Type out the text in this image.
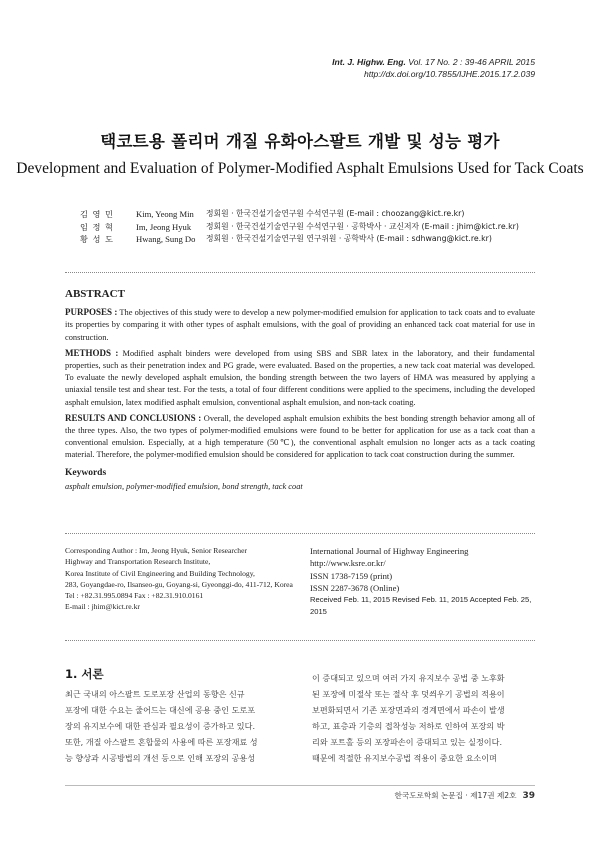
Int. J. Highw. Eng. Vol. 17 No. 2 : 39-46 APRIL 2015
http://dx.doi.org/10.7855/IJHE.2015.17.2.039
택코트용 폴리머 개질 유화아스팔트 개발 및 성능 평가
Development and Evaluation of Polymer-Modified Asphalt Emulsions Used for Tack Coats
김 영 민	Kim, Yeong Min	정회원 · 한국건설기술연구원 수석연구원 (E-mail : choozang@kict.re.kr)
임 정 혁	Im, Jeong Hyuk	정회원 · 한국건설기술연구원 수석연구원 · 공학박사 · 교신저자 (E-mail : jhim@kict.re.kr)
황 성 도	Hwang, Sung Do	정회원 · 한국건설기술연구원 연구위원 · 공학박사 (E-mail : sdhwang@kict.re.kr)
ABSTRACT

PURPOSES : The objectives of this study were to develop a new polymer-modified emulsion for application to tack coats and to evaluate its properties by comparing it with other types of asphalt emulsions, with the goal of providing an enhanced tack coat material for use in construction.

METHODS : Modified asphalt binders were developed from using SBS and SBR latex in the laboratory, and their fundamental properties, such as their penetration index and PG grade, were evaluated. Based on the properties, a new tack coat material was developed. To evaluate the newly developed asphalt emulsion, the bonding strength between the two layers of HMA was measured by applying a uniaxial tensile test and shear test. For the tests, a total of four different conditions were applied to the specimens, including the developed asphalt emulsion, latex modified asphalt emulsion, conventional asphalt emulsion, and non-tack coating.

RESULTS AND CONCLUSIONS : Overall, the developed asphalt emulsion exhibits the best bonding strength behavior among all of the three types. Also, the two types of polymer-modified emulsions were found to be better for application for use as a tack coat than a conventional emulsion. Especially, at a high temperature (50℃), the conventional asphalt emulsion no longer acts as a tack coating material. Therefore, the polymer-modified emulsion should be considered for application to tack coat construction during the summer.

Keywords
asphalt emulsion, polymer-modified emulsion, bond strength, tack coat
Corresponding Author : Im, Jeong Hyuk, Senior Researcher
Highway and Transportation Research Institute,
Korea Institute of Civil Engineering and Building Technology,
283, Goyangdae-ro, Ilsanseo-gu, Goyang-si, Gyeonggi-do, 411-712, Korea
Tel : +82.31.995.0894 Fax : +82.31.910.0161
E-mail : jhim@kict.re.kr
International Journal of Highway Engineering
http://www.ksre.or.kr/
ISSN 1738-7159 (print)
ISSN 2287-3678 (Online)
Received Feb. 11, 2015 Revised Feb. 11, 2015 Accepted Feb. 25, 2015
1. 서론
최근 국내의 아스팔트 도로포장 산업의 동향은 신규
포장에 대한 수요는 줄어드는 대신에 공용 중인 도로포
장의 유지보수에 대한 관심과 필요성이 증가하고 있다.
또한, 개질 아스팔트 혼합물의 사용에 따른 포장재료 성
능 향상과 시공방법의 개선 등으로 인해 포장의 공용성
이 증대되고 있으며 여러 가지 유지보수 공법 중 노후화
된 포장에 미절삭 또는 절삭 후 덧씌우기 공법의 적용이
보편화되면서 기존 포장면과의 경계면에서 파손이 발생
하고, 표층과 기층의 접착성능 저하로 인하여 포장의 박
리와 포트홀 등의 포장파손이 증대되고 있는 실정이다.
때문에 적절한 유지보수공법 적용이 중요한 요소이며
한국도로학회 논문집 · 제17권 제2호 39
